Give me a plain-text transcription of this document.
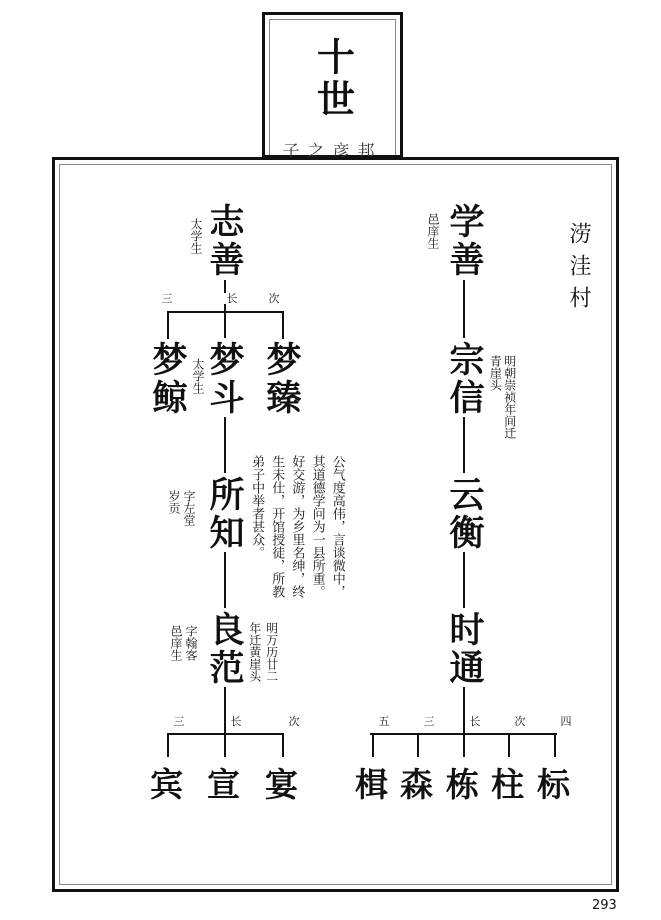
十世
子之彦邦
涝洼村
学善
邑庠生
宗信	明朝崇祯年间迁青崖头
云衡
时通
志善
太学生
梦鲸 梦斗
太学生 梦臻
所知
字左堂岁贡	公气度高伟，言谈微中，其道德学问为一县所重。好交游，为乡里名绅，终生未仕，开馆授徒，所教弟子中举者甚众。
良范
字翰客邑庠生	明万历廿二年迁黄崖头
三	长	次
三
宾
长
宣
次
宴
五
楫
三
森
长
栋
次
柱
四
标
293
